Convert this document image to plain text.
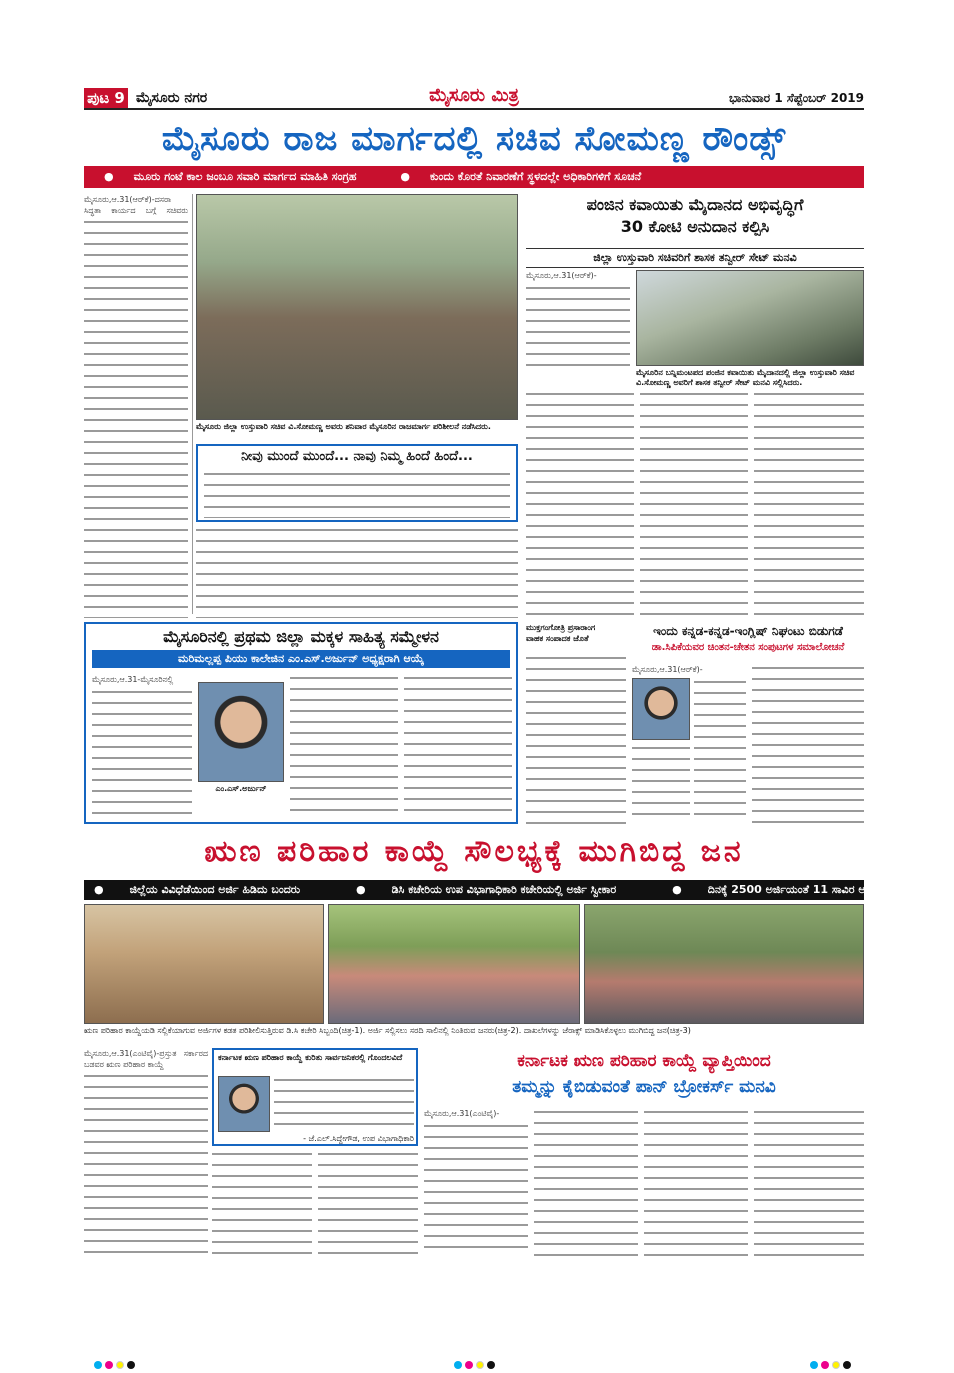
ಪುಟ 9 ಮೈಸೂರು ನಗರ	ಮೈಸೂರು ಮಿತ್ರ	ಭಾನುವಾರ 1 ಸೆಪ್ಟೆಂಬರ್ 2019
ಮೈಸೂರು ರಾಜ ಮಾರ್ಗದಲ್ಲಿ ಸಚಿವ ಸೋಮಣ್ಣ ರೌಂಡ್ಸ್
● ಮೂರು ಗಂಟೆ ಕಾಲ ಜಂಬೂ ಸವಾರಿ ಮಾರ್ಗದ ಮಾಹಿತಿ ಸಂಗ್ರಹ	● ಕುಂದು ಕೊರತೆ ನಿವಾರಣೆಗೆ ಸ್ಥಳದಲ್ಲೇ ಅಧಿಕಾರಿಗಳಿಗೆ ಸೂಚನೆ
ಮೈಸೂರು,ಆ.31(ಆರ್‌ಕೆ)-ದಸರಾ ಸಿದ್ಧತಾ ಕಾರ್ಯದ ಬಗ್ಗೆ ಸಚಿವರು
ಮೈಸೂರು ಜಿಲ್ಲಾ ಉಸ್ತುವಾರಿ ಸಚಿವ ವಿ.ಸೋಮಣ್ಣ ಅವರು ಶನಿವಾರ ಮೈಸೂರಿನ ರಾಜಮಾರ್ಗ ಪರಿಶೀಲನೆ ನಡೆಸಿದರು.
ನೀವು ಮುಂದೆ ಮುಂದೆ... ನಾವು ನಿಮ್ಮ ಹಿಂದೆ ಹಿಂದೆ...
ಪಂಜಿನ ಕವಾಯಿತು ಮೈದಾನದ ಅಭಿವೃದ್ಧಿಗೆ
30 ಕೋಟಿ ಅನುದಾನ ಕಲ್ಪಿಸಿ
ಜಿಲ್ಲಾ ಉಸ್ತುವಾರಿ ಸಚಿವರಿಗೆ ಶಾಸಕ ತನ್ವೀರ್ ಸೇಟ್ ಮನವಿ
ಮೈಸೂರು,ಆ.31(ಆರ್‌ಕೆ)-
ಮೈಸೂರಿನ ಬನ್ನಿಮಂಟಪದ ಪಂಜಿನ ಕವಾಯಿತು ಮೈದಾನದಲ್ಲಿ ಜಿಲ್ಲಾ ಉಸ್ತುವಾರಿ ಸಚಿವ ವಿ.ಸೋಮಣ್ಣ ಅವರಿಗೆ ಶಾಸಕ ತನ್ವೀರ್ ಸೇಟ್ ಮನವಿ ಸಲ್ಲಿಸಿದರು.
ಮೈಸೂರಿನಲ್ಲಿ ಪ್ರಥಮ ಜಿಲ್ಲಾ ಮಕ್ಕಳ ಸಾಹಿತ್ಯ ಸಮ್ಮೇಳನ
ಮರಿಮಲ್ಲಪ್ಪ ಪಿಯು ಕಾಲೇಜಿನ ಎಂ.ಎಸ್.ಅರ್ಜುನ್ ಅಧ್ಯಕ್ಷರಾಗಿ ಆಯ್ಕೆ
ಮೈಸೂರು,ಆ.31-ಮೈಸೂರಿನಲ್ಲಿ
ಎಂ.ಎಸ್.ಅರ್ಜುನ್
ಮುಕ್ತಗಂಗೋತ್ರಿ ಪ್ರಸಾರಾಂಗ
ವಾಹಕ ಸಂಪಾದಕ ಜೊತೆ
ಇಂದು ಕನ್ನಡ-ಕನ್ನಡ-ಇಂಗ್ಲಿಷ್ ನಿಘಂಟು ಬಿಡುಗಡೆ
ಡಾ.ಸಿಪಿಕೆಯವರ ಚಿಂತನ-ಚೇತನ ಸಂಪುಟಗಳ ಸಮಾಲೋಚನೆ
ಮೈಸೂರು,ಆ.31(ಆರ್‌ಕೆ)-
ಋಣ ಪರಿಹಾರ ಕಾಯ್ದೆ ಸೌಲಭ್ಯಕ್ಕೆ ಮುಗಿಬಿದ್ದ ಜನ
● ಜಿಲ್ಲೆಯ ವಿವಿಧೆಡೆಯಿಂದ ಅರ್ಜಿ ಹಿಡಿದು ಬಂದರು	● ಡಿಸಿ ಕಚೇರಿಯ ಉಪ ವಿಭಾಗಾಧಿಕಾರಿ ಕಚೇರಿಯಲ್ಲಿ ಅರ್ಜಿ ಸ್ವೀಕಾರ	● ದಿನಕ್ಕೆ 2500 ಅರ್ಜಿಯಂತೆ 11 ಸಾವಿರ ಅರ್ಜಿ ಸಲ್ಲಿಕೆ
ಋಣ ಪರಿಹಾರ ಕಾಯ್ದೆಯಡಿ ಸಲ್ಲಿಕೆಯಾಗುವ ಅರ್ಜಿಗಳ ಕಡತ ಪರಿಶೀಲಿಸುತ್ತಿರುವ ಡಿ.ಸಿ ಕಚೇರಿ ಸಿಬ್ಬಂದಿ(ಚಿತ್ರ-1). ಅರ್ಜಿ ಸಲ್ಲಿಸಲು ಸರದಿ ಸಾಲಿನಲ್ಲಿ ನಿಂತಿರುವ ಜನರು(ಚಿತ್ರ-2). ದಾಖಲೆಗಳನ್ನು ಜೆರಾಕ್ಸ್ ಮಾಡಿಸಿಕೊಳ್ಳಲು ಮುಗಿಬಿದ್ದ ಜನ(ಚಿತ್ರ-3)
ಮೈಸೂರು,ಆ.31(ಎಂಟಿವೈ)-ಪ್ರಸ್ತುತ ಸರ್ಕಾರದ ಬಡವರ ಋಣ ಪರಿಹಾರ ಕಾಯ್ದೆ
ಕರ್ನಾಟಕ ಋಣ ಪರಿಹಾರ ಕಾಯ್ದೆ ಕುರಿತು ಸಾರ್ವಜನಿಕರಲ್ಲಿ ಗೊಂದಲವಿದೆ
- ಜೆ.ಎಲ್.ಸಿದ್ದೇಗೌಡ, ಉಪ ವಿಭಾಗಾಧಿಕಾರಿ
ಕರ್ನಾಟಕ ಋಣ ಪರಿಹಾರ ಕಾಯ್ದೆ ವ್ಯಾಪ್ತಿಯಿಂದ
ತಮ್ಮನ್ನು ಕೈಬಿಡುವಂತೆ ಪಾನ್ ಬ್ರೋಕರ್ಸ್ ಮನವಿ
ಮೈಸೂರು,ಆ.31(ಎಂಟಿವೈ)-
